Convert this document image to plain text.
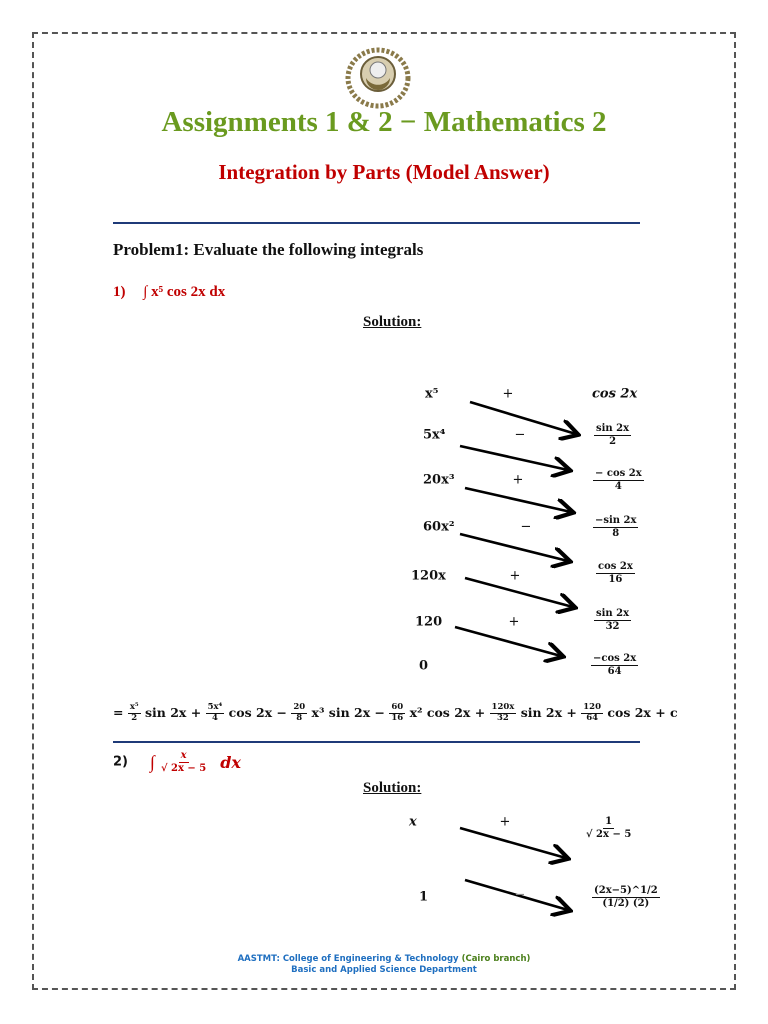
Assignments 1 & 2 − Mathematics 2
Integration by Parts (Model Answer)
Problem1: Evaluate the following integrals
1) ∫ x⁵ cos 2x dx
Solution:
x⁵
5x⁴
20x³
60x²
120x
120
0
+
−
+
−
+
+
cos 2x
$\frac{\sin 2x}{2}$
$\frac{- \cos 2x}{4}$
$\frac{-\sin 2x}{8}$
$\frac{\cos 2x}{16}$
$\frac{\sin 2x}{32}$
$\frac{-\cos 2x}{64}$
= $\frac{\text{x⁵}}{2}$ $\sin 2x + \frac{\text{5x⁴}}{4}$ $\cos 2x - \frac{20}{8} x^3$ $\sin 2x - \frac{60}{16} x^2$ $\cos 2x + \frac{120x}{32}$ $\sin 2x + \frac{120}{64}$ cos 2x + c
2) ∫ $\frac{x}{√ 2x - 5}$ dx
Solution:
x
1
+
−
$\frac{1}{√ 2x - 5}$
$\frac{(2x-5)\^{}1/2}{(1/2) (2)}$
AASTMT: College of Engineering & Technology (Cairo branch)
Basic and Applied Science Department
